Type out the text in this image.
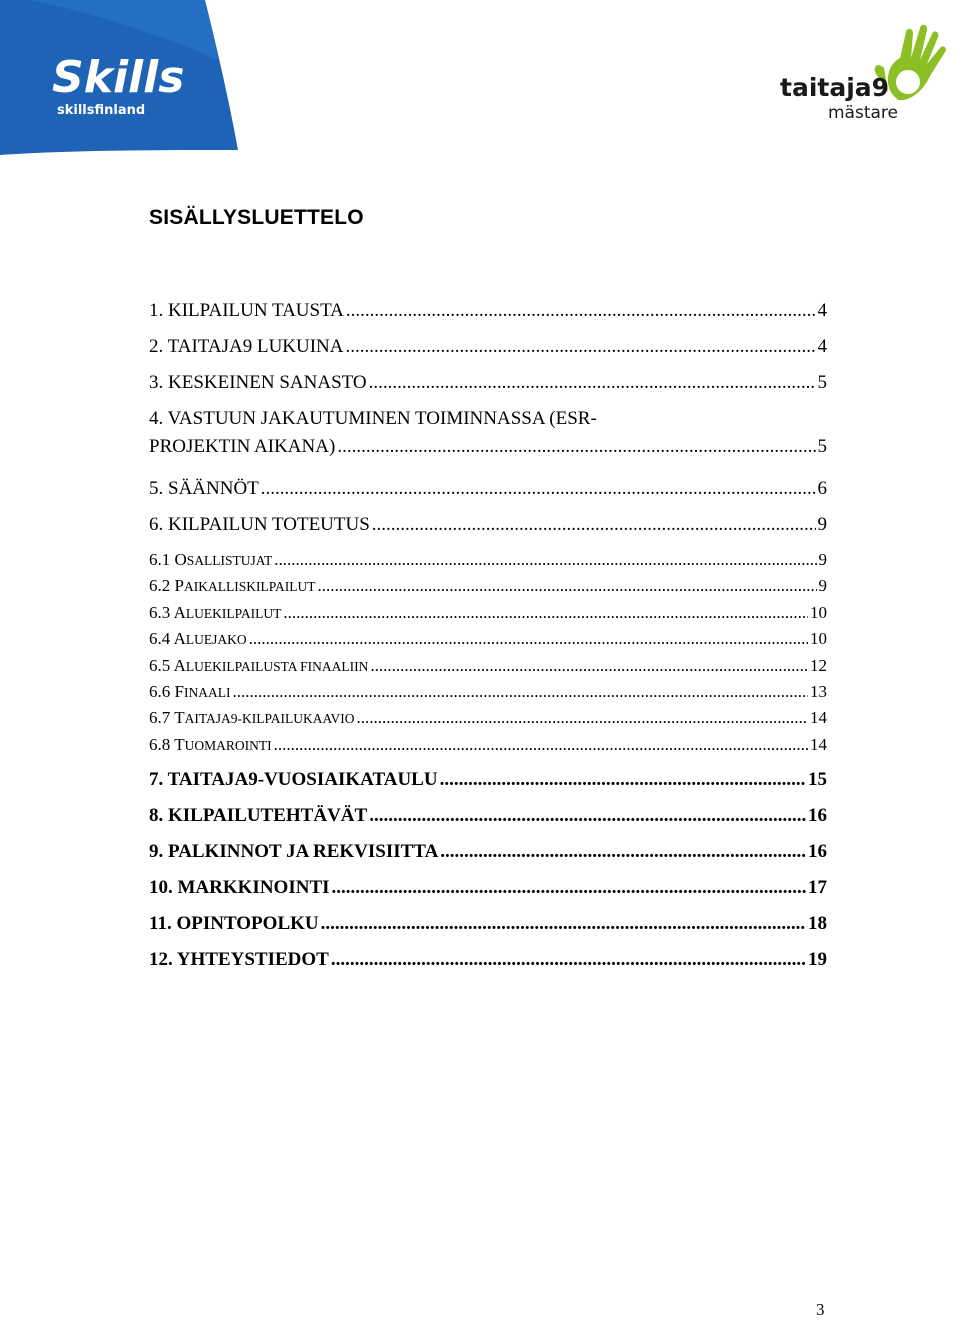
Skills
skillsfinland
taitaja9
mästare
SISÄLLYSLUETTELO
1. KILPAILUN TAUSTA .....	4
2. TAITAJA9 LUKUINA .....	4
3. KESKEINEN SANASTO .....	5
4. VASTUUN JAKAUTUMINEN TOIMINNASSA (ESR-
PROJEKTIN AIKANA) .....	5
5. SÄÄNNÖT .....	6
6. KILPAILUN TOTEUTUS .....	9
6.1 OSALLISTUJAT .....	9
6.2 PAIKALLISKILPAILUT .....	9
6.3 ALUEKILPAILUT .....	10
6.4 ALUEJAKO .....	10
6.5 ALUEKILPAILUSTA FINAALIIN .....	12
6.6 FINAALI .....	13
6.7 TAITAJA9-KILPAILUKAAVIO .....	14
6.8 TUOMAROINTI .....	14
7. TAITAJA9-VUOSIAIKATAULU .....	15
8. KILPAILUTEHTÄVÄT .....	16
9. PALKINNOT JA REKVISIITTA .....	16
10. MARKKINOINTI .....	17
11. OPINTOPOLKU .....	18
12. YHTEYSTIEDOT .....	19
3
